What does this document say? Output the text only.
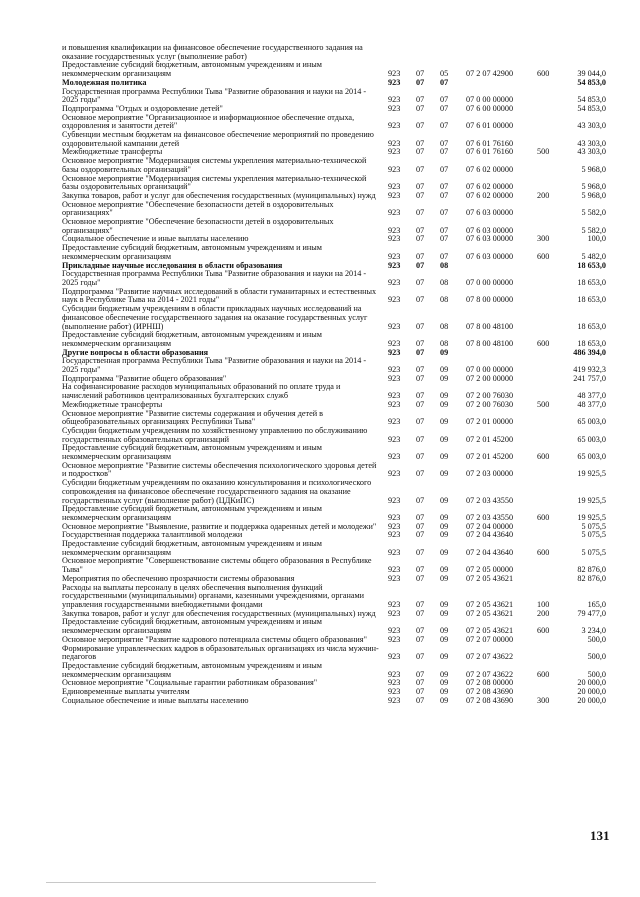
и повышения квалификации на финансовое обеспечение государственного задания на оказание государственных услуг (выполнение работ)
Предоставление субсидий бюджетным, автономным учреждениям и иным некоммерческим организациям	923 07 05 07 2 07 42900	600	39 044,0
Молодежная политика	923 07 07	54 853,0
Государственная программа Республики Тыва "Развитие образования и науки на 2014 - 2025 годы"	923 07 07 07 0 00 00000	54 853,0
Подпрограмма "Отдых и оздоровление детей"	923 07 07 07 6 00 00000	54 853,0
Основное мероприятие "Организационное и информационное обеспечение отдыха, оздоровления и занятости детей"	923 07 07 07 6 01 00000	43 303,0
Субвенции местным бюджетам на финансовое обеспечение мероприятий по проведению оздоровительной кампании детей	923 07 07 07 6 01 76160	43 303,0
Межбюджетные трансферты	923 07 07 07 6 01 76160	500	43 303,0
Основное мероприятие "Модернизация системы укрепления материально-технической базы оздоровительных организаций"	923 07 07 07 6 02 00000	5 968,0
Основное мероприятие "Модернизация системы укрепления материально-технической базы оздоровительных организаций"	923 07 07 07 6 02 00000	5 968,0
Закупка товаров, работ и услуг для обеспечения государственных (муниципальных) нужд	923 07 07 07 6 02 00000	200	5 968,0
Основное мероприятие "Обеспечение безопасности детей в оздоровительных организациях"	923 07 07 07 6 03 00000	5 582,0
Основное мероприятие "Обеспечение безопасности детей в оздоровительных организациях"	923 07 07 07 6 03 00000	5 582,0
Социальное обеспечение и иные выплаты населению	923 07 07 07 6 03 00000	300	100,0
Предоставление субсидий бюджетным, автономным учреждениям и иным некоммерческим организациям	923 07 07 07 6 03 00000	600	5 482,0
Прикладные научные исследования в области образования	923 07 08	18 653,0
Государственная программа Республики Тыва "Развитие образования и науки на 2014 - 2025 годы"	923 07 08 07 0 00 00000	18 653,0
Подпрограмма "Развитие научных исследований в области гуманитарных и естественных наук в Республике Тыва на 2014 - 2021 годы"	923 07 08 07 8 00 00000	18 653,0
Субсидии бюджетным учреждениям в области прикладных научных исследований на финансовое обеспечение государственного задания на оказание государственных услуг (выполнение работ) (ИРНШ)	923 07 08 07 8 00 48100	18 653,0
Предоставление субсидий бюджетным, автономным учреждениям и иным некоммерческим организациям	923 07 08 07 8 00 48100	600	18 653,0
Другие вопросы в области образования	923 07 09	486 394,0
Государственная программа Республики Тыва "Развитие образования и науки на 2014 - 2025 годы"	923 07 09 07 0 00 00000	419 932,3
Подпрограмма "Развитие общего образования"	923 07 09 07 2 00 00000	241 757,0
На софинансирование расходов муниципальных образований по оплате труда и начислений работников централизованных бухгалтерских служб	923 07 09 07 2 00 76030	48 377,0
Межбюджетные трансферты	923 07 09 07 2 00 76030	500	48 377,0
Основное мероприятие "Развитие системы содержания и обучения детей в общеобразовательных организациях Республики Тыва"	923 07 09 07 2 01 00000	65 003,0
Субсидии бюджетным учреждениям по хозяйственному управлению по обслуживанию государственных образовательных организаций	923 07 09 07 2 01 45200	65 003,0
Предоставление субсидий бюджетным, автономным учреждениям и иным некоммерческим организациям	923 07 09 07 2 01 45200	600	65 003,0
Основное мероприятие "Развитие системы обеспечения психологического здоровья детей и подростков"	923 07 09 07 2 03 00000	19 925,5
Субсидии бюджетным учреждениям по оказанию консультирования и психологического сопровождения на финансовое обеспечение государственного задания на оказание государственных услуг (выполнение работ) (ЦДКиПС)	923 07 09 07 2 03 43550	19 925,5
Предоставление субсидий бюджетным, автономным учреждениям и иным некоммерческим организациям	923 07 09 07 2 03 43550	600	19 925,5
Основное мероприятие "Выявление, развитие и поддержка одаренных детей и молодежи"	923 07 09 07 2 04 00000	5 075,5
Государственная поддержка талантливой молодежи	923 07 09 07 2 04 43640	5 075,5
Предоставление субсидий бюджетным, автономным учреждениям и иным некоммерческим организациям	923 07 09 07 2 04 43640	600	5 075,5
Основное мероприятие "Совершенствование системы общего образования в Республике Тыва"	923 07 09 07 2 05 00000	82 876,0
Мероприятия по обеспечению прозрачности системы образования	923 07 09 07 2 05 43621	82 876,0
Расходы на выплаты персоналу в целях обеспечения выполнения функций государственными (муниципальными) органами, казенными учреждениями, органами управления государственными внебюджетными фондами	923 07 09 07 2 05 43621	100	165,0
Закупка товаров, работ и услуг для обеспечения государственных (муниципальных) нужд	923 07 09 07 2 05 43621	200	79 477,0
Предоставление субсидий бюджетным, автономным учреждениям и иным некоммерческим организациям	923 07 09 07 2 05 43621	600	3 234,0
Основное мероприятие "Развитие кадрового потенциала системы общего образования"	923 07 09 07 2 07 00000	500,0
Формирование управленческих кадров в образовательных организациях из числа мужчин-педагогов	923 07 09 07 2 07 43622	500,0
Предоставление субсидий бюджетным, автономным учреждениям и иным некоммерческим организациям	923 07 09 07 2 07 43622	600	500,0
Основное мероприятие "Социальные гарантии работникам образования"	923 07 09 07 2 08 00000	20 000,0
Единовременные выплаты учителям	923 07 09 07 2 08 43690	20 000,0
Социальное обеспечение и иные выплаты населению	923 07 09 07 2 08 43690	300	20 000,0
131
